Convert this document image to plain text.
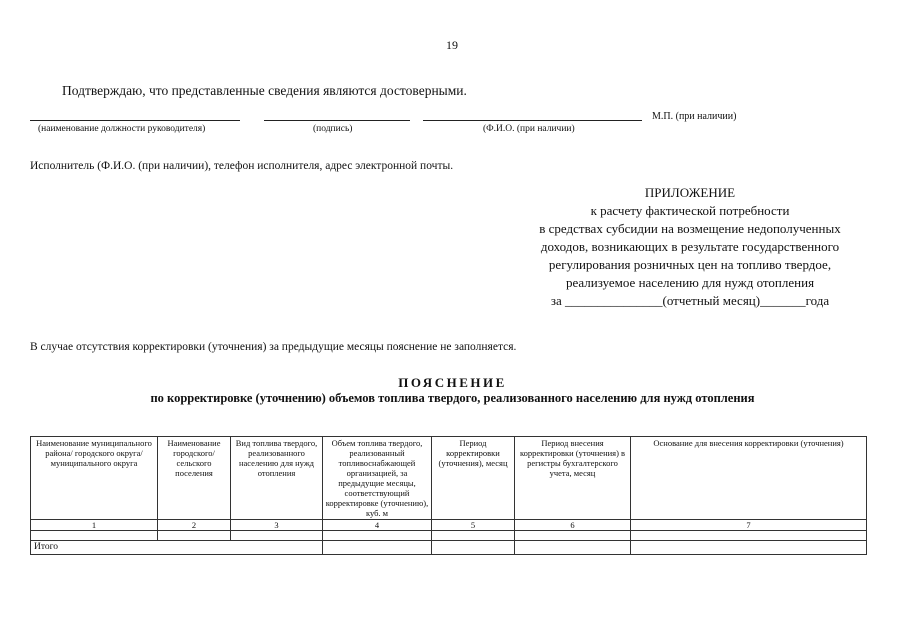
19
Подтверждаю, что представленные сведения являются достоверными.
М.П. (при наличии)
(наименование должности руководителя)	(подпись)	(Ф.И.О. (при наличии)
Исполнитель (Ф.И.О. (при наличии), телефон исполнителя, адрес электронной почты.
ПРИЛОЖЕНИЕ
к расчету фактической потребности
в средствах субсидии на возмещение недополученных
доходов, возникающих в результате государственного
регулирования розничных цен на топливо твердое,
реализуемое населению для нужд отопления
за _______________(отчетный месяц)_______года
В случае отсутствия корректировки (уточнения) за предыдущие месяцы пояснение не заполняется.
ПОЯСНЕНИЕ
по корректировке (уточнению) объемов топлива твердого, реализованного населению для нужд отопления
Наименование муниципального района/ городского округа/ муниципального округа	Наименование городского/ сельского поселения	Вид топлива твердого, реализованного населению для нужд отопления	Объем топлива твердого, реализованный топливоснабжающей организацией, за предыдущие месяцы, соответствующий корректировке (уточнению), куб. м	Период корректировки (уточнения), месяц	Период внесения корректировки (уточнения) в регистры бухгалтерского учета, месяц	Основание для внесения корректировки (уточнения)
1	2	3	4	5	6	7

Итого						
